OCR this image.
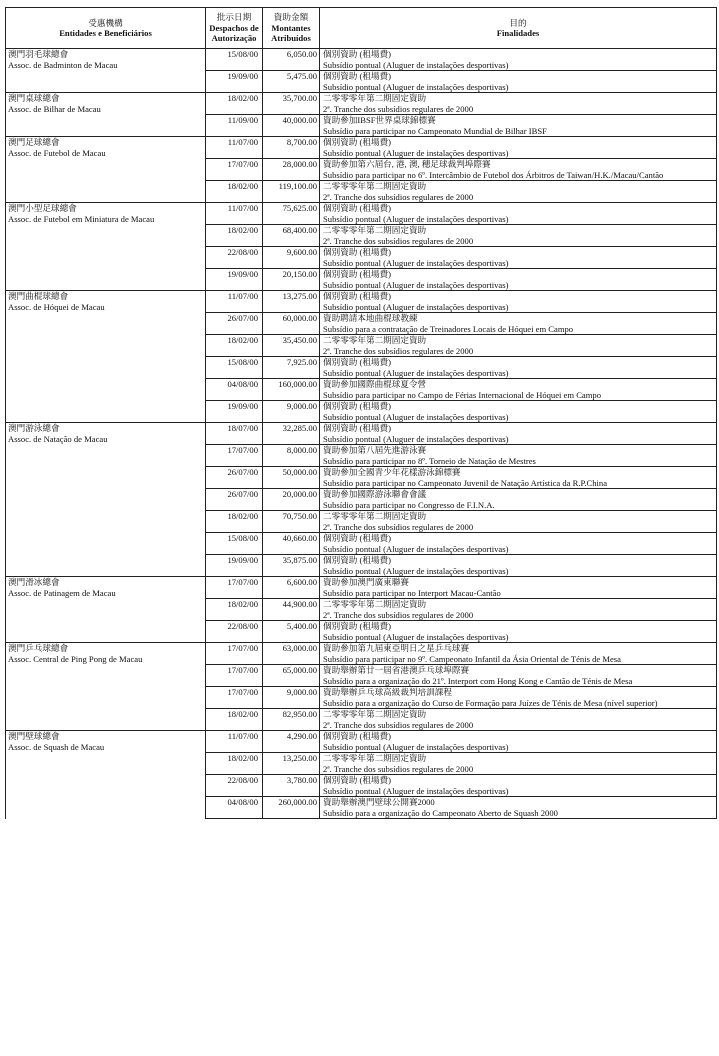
受惠機構
Entidades e Beneficiários	批示日期
Despachos de
Autorização	資助金額
Montantes
Atribuídos	目的
Finalidades

澳門羽毛球總會
Assoc. de Badminton de Macau	15/08/00	6,050.00	個別資助 (租場費)
Subsídio pontual (Aluguer de instalações desportivas)

	19/09/00	5,475.00	個別資助 (租場費)
Subsídio pontual (Aluguer de instalações desportivas)

澳門桌球總會
Assoc. de Bilhar de Macau	18/02/00	35,700.00	二零零零年第二期固定資助
2ª. Tranche dos subsídios regulares de 2000

	11/09/00	40,000.00	資助參加IBSF世界桌球錦標賽
Subsídio para participar no Campeonato Mundial de Bilhar IBSF

澳門足球總會
Assoc. de Futebol de Macau	11/07/00	8,700.00	個別資助 (租場費)
Subsídio pontual (Aluguer de instalações desportivas)

	17/07/00	28,000.00	資助參加第六屆台, 港, 澳, 穗足球裁判埠際賽
Subsídio para participar no 6º. Intercâmbio de Futebol dos Árbitros de Taiwan/H.K./Macau/Cantão

	18/02/00	119,100.00	二零零零年第二期固定資助
2ª. Tranche dos subsídios regulares de 2000

澳門小型足球總會
Assoc. de Futebol em Miniatura de Macau	11/07/00	75,625.00	個別資助 (租場費)
Subsídio pontual (Aluguer de instalações desportivas)

	18/02/00	68,400.00	二零零零年第二期固定資助
2ª. Tranche dos subsídios regulares de 2000

	22/08/00	9,600.00	個別資助 (租場費)
Subsídio pontual (Aluguer de instalações desportivas)

	19/09/00	20,150.00	個別資助 (租場費)
Subsídio pontual (Aluguer de instalações desportivas)

澳門曲棍球總會
Assoc. de Hóquei de Macau	11/07/00	13,275.00	個別資助 (租場費)
Subsídio pontual (Aluguer de instalações desportivas)

	26/07/00	60,000.00	資助聘請本地曲棍球教練
Subsídio para a contratação de Treinadores Locais de Hóquei em Campo

	18/02/00	35,450.00	二零零零年第二期固定資助
2ª. Tranche dos subsídios regulares de 2000

	15/08/00	7,925.00	個別資助 (租場費)
Subsídio pontual (Aluguer de instalações desportivas)

	04/08/00	160,000.00	資助參加國際曲棍球夏令營
Subsídio para participar no Campo de Férias Internacional de Hóquei em Campo

	19/09/00	9,000.00	個別資助 (租場費)
Subsídio pontual (Aluguer de instalações desportivas)

澳門游泳總會
Assoc. de Natação de Macau	18/07/00	32,285.00	個別資助 (租場費)
Subsídio pontual (Aluguer de instalações desportivas)

	17/07/00	8,000.00	資助參加第八屆先進游泳賽
Subsídio para participar no 8º. Torneio de Natação de Mestres

	26/07/00	50,000.00	資助參加全國青少年花樣游泳錦標賽
Subsídio para participar no Campeonato Juvenil de Natação Artística da R.P.China

	26/07/00	20,000.00	資助參加國際游泳聯會會議
Subsídio para participar no Congresso de F.I.N.A.

	18/02/00	70,750.00	二零零零年第二期固定資助
2ª. Tranche dos subsídios regulares de 2000

	15/08/00	40,660.00	個別資助 (租場費)
Subsídio pontual (Aluguer de instalações desportivas)

	19/09/00	35,875.00	個別資助 (租場費)
Subsídio pontual (Aluguer de instalações desportivas)

澳門滑冰總會
Assoc. de Patinagem de Macau	17/07/00	6,600.00	資助參加澳門廣東聯賽
Subsídio para participar no Interport Macau-Cantão

	18/02/00	44,900.00	二零零零年第二期固定資助
2ª. Tranche dos subsídios regulares de 2000

	22/08/00	5,400.00	個別資助 (租場費)
Subsídio pontual (Aluguer de instalações desportivas)

澳門乒乓球總會
Assoc. Central de Ping Pong de Macau	17/07/00	63,000.00	資助參加第九屆東亞明日之星乒乓球賽
Subsídio para participar no 9º. Campeonato Infantil da Ásia Oriental de Ténis de Mesa

	17/07/00	65,000.00	資助舉辦第廿一屆省港澳乒乓球埠際賽
Subsídio para a organização do 21º. Interport com Hong Kong e Cantão de Ténis de Mesa

	17/07/00	9,000.00	資助舉辦乒乓球高級裁判培訓課程
Subsídio para a organização do Curso de Formação para Juízes de Ténis de Mesa (nível superior)

	18/02/00	82,950.00	二零零零年第二期固定資助
2ª. Tranche dos subsídios regulares de 2000

澳門壁球總會
Assoc. de Squash de Macau	11/07/00	4,290.00	個別資助 (租場費)
Subsídio pontual (Aluguer de instalações desportivas)

	18/02/00	13,250.00	二零零零年第二期固定資助
2ª. Tranche dos subsídios regulares de 2000

	22/08/00	3,780.00	個別資助 (租場費)
Subsídio pontual (Aluguer de instalações desportivas)

	04/08/00	260,000.00	資助舉辦澳門壁球公開賽2000
Subsídio para a organização do Campeonato Aberto de Squash 2000
